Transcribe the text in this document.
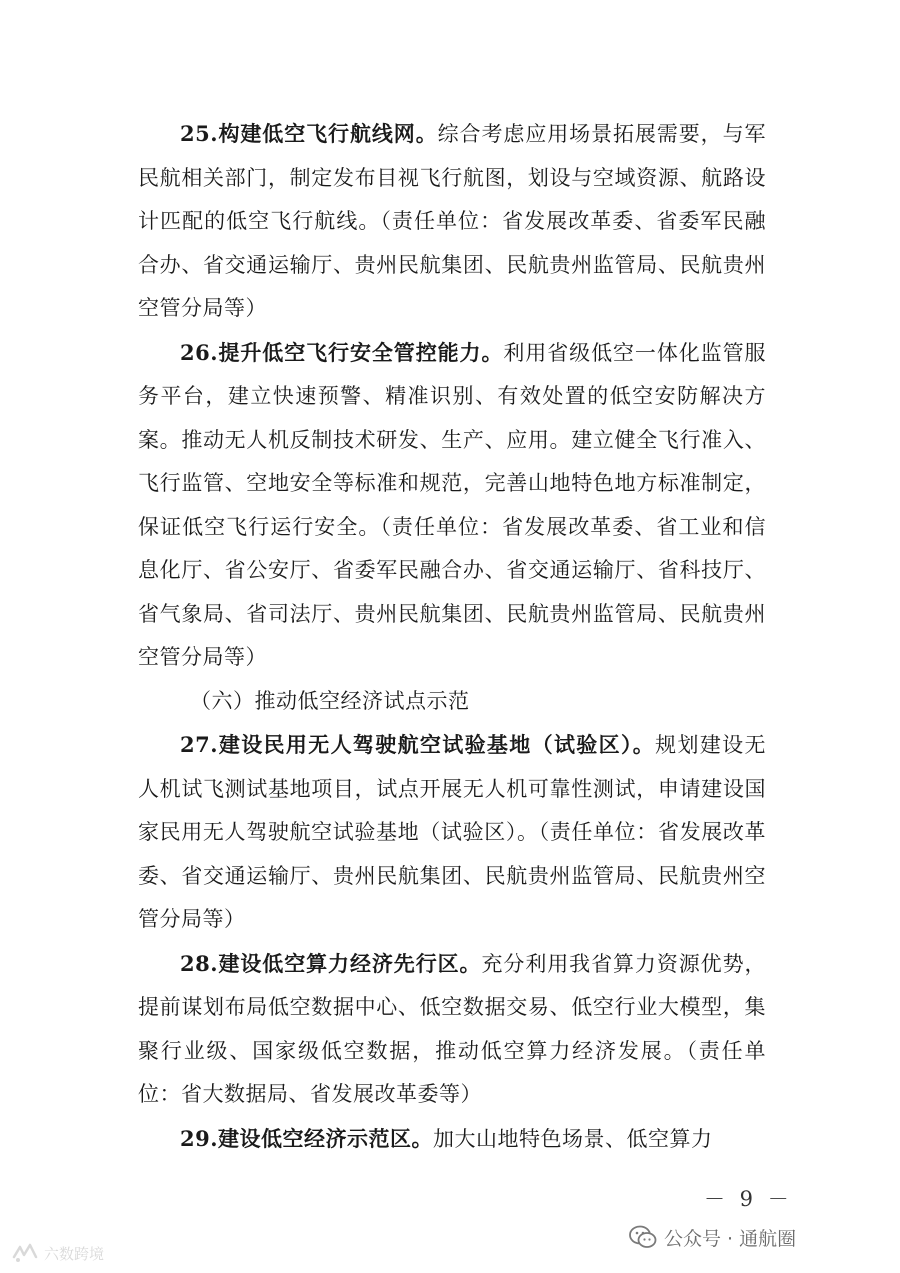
25.构建低空飞行航线网。综合考虑应用场景拓展需要，与军民航相关部门，制定发布目视飞行航图，划设与空域资源、航路设计匹配的低空飞行航线。（责任单位：省发展改革委、省委军民融合办、省交通运输厅、贵州民航集团、民航贵州监管局、民航贵州空管分局等）

26.提升低空飞行安全管控能力。利用省级低空一体化监管服务平台，建立快速预警、精准识别、有效处置的低空安防解决方案。推动无人机反制技术研发、生产、应用。建立健全飞行准入、飞行监管、空地安全等标准和规范，完善山地特色地方标准制定，保证低空飞行运行安全。（责任单位：省发展改革委、省工业和信息化厅、省公安厅、省委军民融合办、省交通运输厅、省科技厅、省气象局、省司法厅、贵州民航集团、民航贵州监管局、民航贵州空管分局等）

（六）推动低空经济试点示范

27.建设民用无人驾驶航空试验基地（试验区）。规划建设无人机试飞测试基地项目，试点开展无人机可靠性测试，申请建设国家民用无人驾驶航空试验基地（试验区）。（责任单位：省发展改革委、省交通运输厅、贵州民航集团、民航贵州监管局、民航贵州空管分局等）

28.建设低空算力经济先行区。充分利用我省算力资源优势，提前谋划布局低空数据中心、低空数据交易、低空行业大模型，集聚行业级、国家级低空数据，推动低空算力经济发展。（责任单位：省大数据局、省发展改革委等）

29.建设低空经济示范区。加大山地特色场景、低空算力

－ 9 －
六数跨境
公众号 · 通航圈
